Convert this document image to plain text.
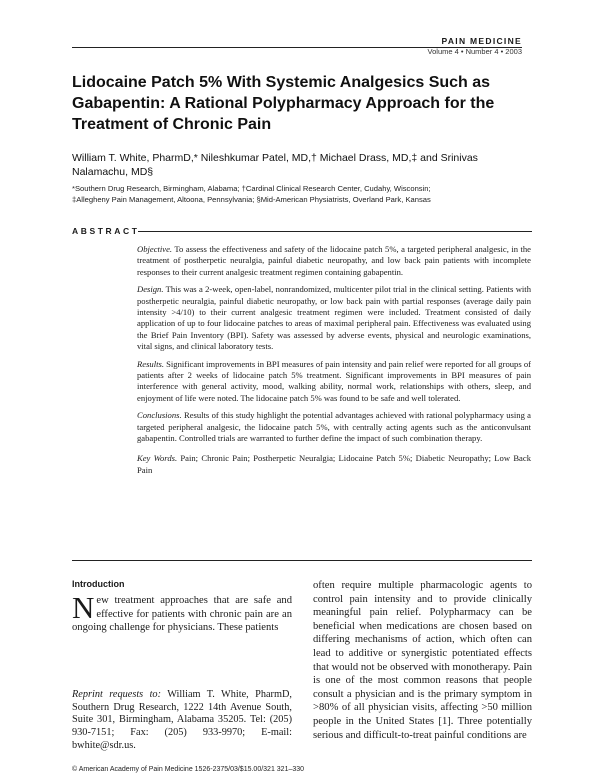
PAIN MEDICINE
Volume 4 • Number 4 • 2003
Lidocaine Patch 5% With Systemic Analgesics Such as Gabapentin: A Rational Polypharmacy Approach for the Treatment of Chronic Pain
William T. White, PharmD,* Nileshkumar Patel, MD,† Michael Drass, MD,‡ and Srinivas Nalamachu, MD§
*Southern Drug Research, Birmingham, Alabama; †Cardinal Clinical Research Center, Cudahy, Wisconsin;
‡Allegheny Pain Management, Altoona, Pennsylvania; §Mid-American Physiatrists, Overland Park, Kansas
ABSTRACT

Objective. To assess the effectiveness and safety of the lidocaine patch 5%, a targeted peripheral analgesic, in the treatment of postherpetic neuralgia, painful diabetic neuropathy, and low back pain patients with incomplete responses to their current analgesic treatment regimen containing gabapentin.

Design. This was a 2-week, open-label, nonrandomized, multicenter pilot trial in the clinical setting. Patients with postherpetic neuralgia, painful diabetic neuropathy, or low back pain with partial responses (average daily pain intensity >4/10) to their current analgesic treatment regimen were included. Treatment consisted of daily application of up to four lidocaine patches to areas of maximal peripheral pain. Effectiveness was evaluated using the Brief Pain Inventory (BPI). Safety was assessed by adverse events, physical and neurologic examinations, vital signs, and clinical laboratory tests.

Results. Significant improvements in BPI measures of pain intensity and pain relief were reported for all groups of patients after 2 weeks of lidocaine patch 5% treatment. Significant improvements in BPI measures of pain interference with general activity, mood, walking ability, normal work, relationships with others, sleep, and enjoyment of life were noted. The lidocaine patch 5% was found to be safe and well tolerated.

Conclusions. Results of this study highlight the potential advantages achieved with rational polypharmacy using a targeted peripheral analgesic, the lidocaine patch 5%, with centrally acting agents such as the anticonvulsant gabapentin. Controlled trials are warranted to further define the impact of such combination therapy.

Key Words. Pain; Chronic Pain; Postherpetic Neuralgia; Lidocaine Patch 5%; Diabetic Neuropathy; Low Back Pain

Introduction
New treatment approaches that are safe and effective for patients with chronic pain are an ongoing challenge for physicians. These patients
Reprint requests to: William T. White, PharmD, Southern Drug Research, 1222 14th Avenue South, Suite 301, Birmingham, Alabama 35205. Tel: (205) 930-7151; Fax: (205) 933-9970; E-mail: bwhite@sdr.us.
often require multiple pharmacologic agents to control pain intensity and to provide clinically meaningful pain relief. Polypharmacy can be beneficial when medications are chosen based on differing mechanisms of action, which often can lead to additive or synergistic potentiated effects that would not be observed with monotherapy. Pain is one of the most common reasons that people consult a physician and is the primary symptom in >80% of all physician visits, affecting >50 million people in the United States [1]. Three potentially serious and difficult-to-treat painful conditions are
© American Academy of Pain Medicine 1526-2375/03/$15.00/321 321–330
